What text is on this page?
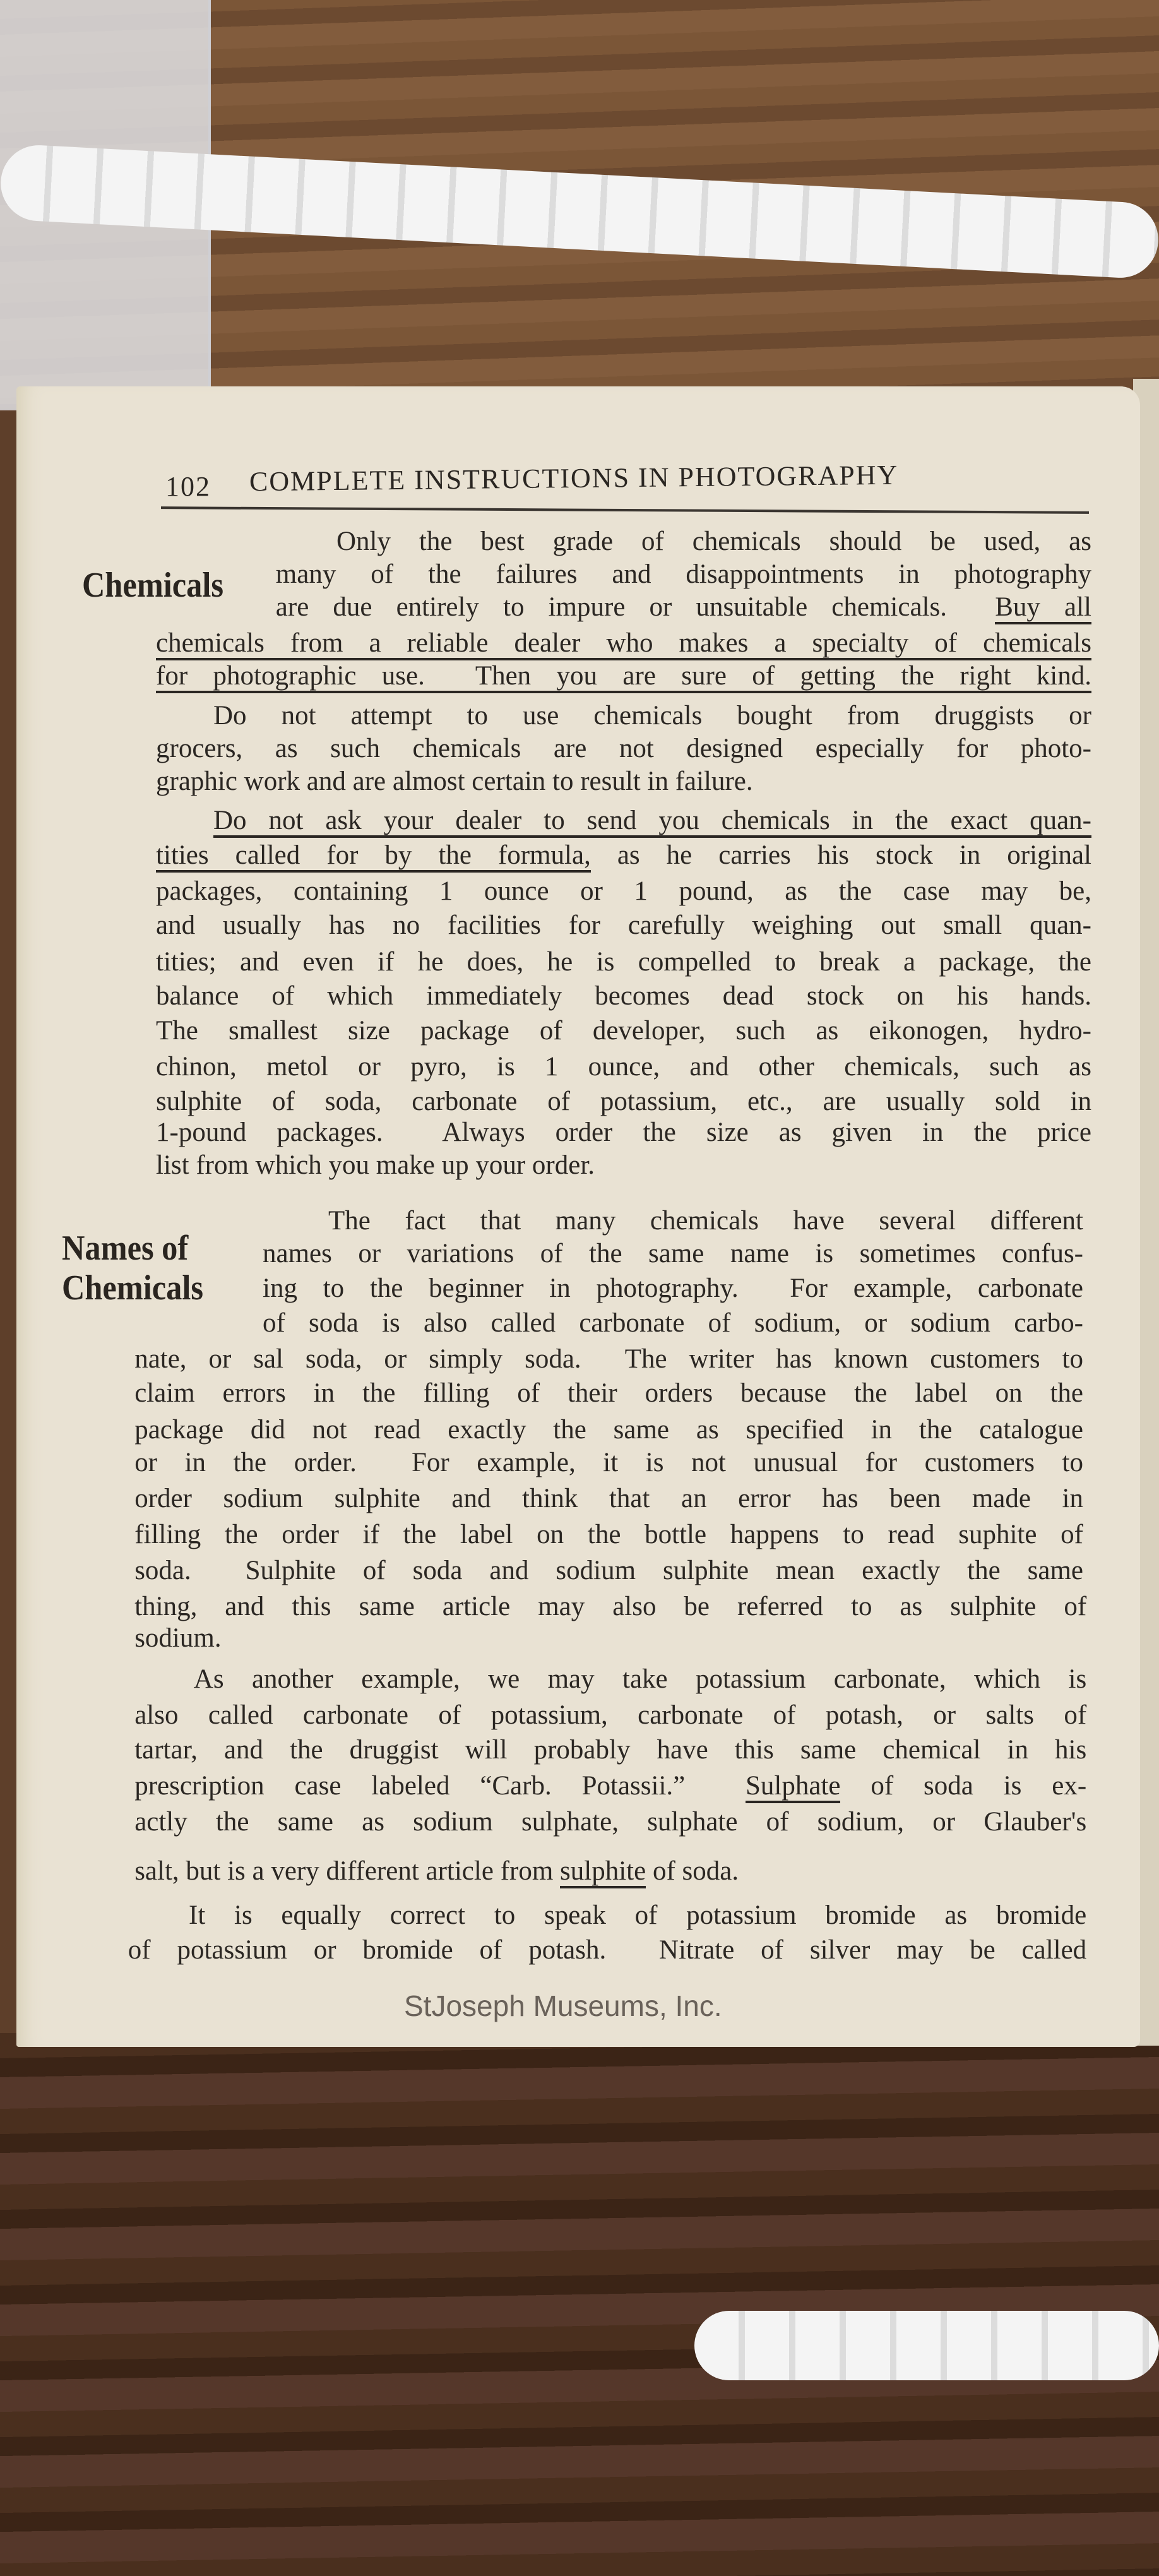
102 COMPLETE INSTRUCTIONS IN PHOTOGRAPHY
Chemicals
Names of
Chemicals
Only the best grade of chemicals should be used, as
many of the failures and disappointments in photography
are due entirely to impure or unsuitable chemicals.  Buy all
chemicals from a reliable dealer who makes a specialty of chemicals
for photographic use.  Then you are sure of getting the right kind.
Do not attempt to use chemicals bought from druggists or
grocers, as such chemicals are not designed especially for photo-
graphic work and are almost certain to result in failure.
Do not ask your dealer to send you chemicals in the exact quan-
tities called for by the formula, as he carries his stock in original
packages, containing 1 ounce or 1 pound, as the case may be,
and usually has no facilities for carefully weighing out small quan-
tities; and even if he does, he is compelled to break a package, the
balance of which immediately becomes dead stock on his hands.
The smallest size package of developer, such as eikonogen, hydro-
chinon, metol or pyro, is 1 ounce, and other chemicals, such as
sulphite of soda, carbonate of potassium, etc., are usually sold in
1-pound packages.  Always order the size as given in the price
list from which you make up your order.
The fact that many chemicals have several different
names or variations of the same name is sometimes confus-
ing to the beginner in photography.  For example, carbonate
of soda is also called carbonate of sodium, or sodium carbo-
nate, or sal soda, or simply soda.  The writer has known customers to
claim errors in the filling of their orders because the label on the
package did not read exactly the same as specified in the catalogue
or in the order.  For example, it is not unusual for customers to
order sodium sulphite and think that an error has been made in
filling the order if the label on the bottle happens to read suphite of
soda.  Sulphite of soda and sodium sulphite mean exactly the same
thing, and this same article may also be referred to as sulphite of
sodium.
As another example, we may take potassium carbonate, which is
also called carbonate of potassium, carbonate of potash, or salts of
tartar, and the druggist will probably have this same chemical in his
prescription case labeled “Carb. Potassii.”  Sulphate of soda is ex-
actly the same as sodium sulphate, sulphate of sodium, or Glauber's
salt, but is a very different article from sulphite of soda.
It is equally correct to speak of potassium bromide as bromide
of potassium or bromide of potash.  Nitrate of silver may be called
StJoseph Museums, Inc.
